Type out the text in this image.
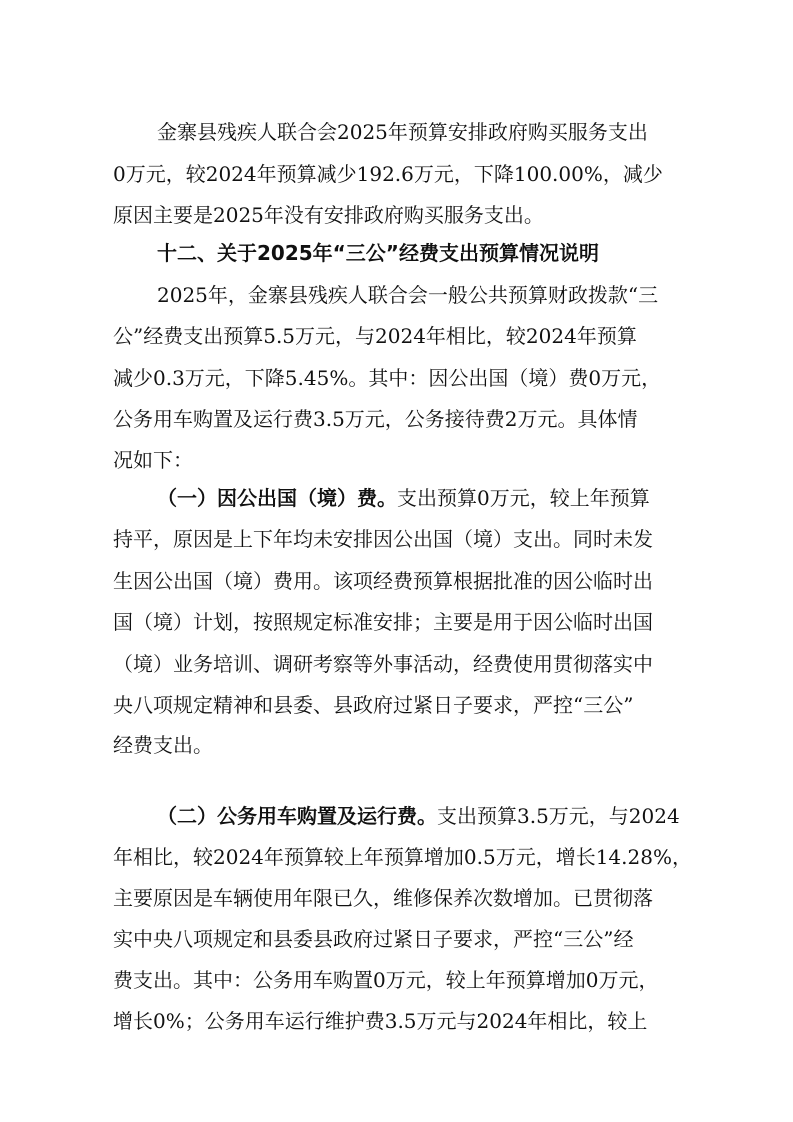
金寨县残疾人联合会2025年预算安排政府购买服务支出
0万元，较2024年预算减少192.6万元，下降100.00%，减少
原因主要是2025年没有安排政府购买服务支出。
十二、关于2025年“三公”经费支出预算情况说明
2025年，金寨县残疾人联合会一般公共预算财政拨款“三
公”经费支出预算5.5万元，与2024年相比，较2024年预算
减少0.3万元，下降5.45%。其中：因公出国（境）费0万元，
公务用车购置及运行费3.5万元，公务接待费2万元。具体情
况如下：
（一）因公出国（境）费。支出预算0万元，较上年预算
持平，原因是上下年均未安排因公出国（境）支出。同时未发
生因公出国（境）费用。该项经费预算根据批准的因公临时出
国（境）计划，按照规定标准安排；主要是用于因公临时出国
（境）业务培训、调研考察等外事活动，经费使用贯彻落实中
央八项规定精神和县委、县政府过紧日子要求，严控“三公”
经费支出。
（二）公务用车购置及运行费。支出预算3.5万元，与2024
年相比，较2024年预算较上年预算增加0.5万元，增长14.28%，
主要原因是车辆使用年限已久，维修保养次数增加。已贯彻落
实中央八项规定和县委县政府过紧日子要求，严控“三公”经
费支出。其中：公务用车购置0万元，较上年预算增加0万元，
增长0%；公务用车运行维护费3.5万元与2024年相比，较上
